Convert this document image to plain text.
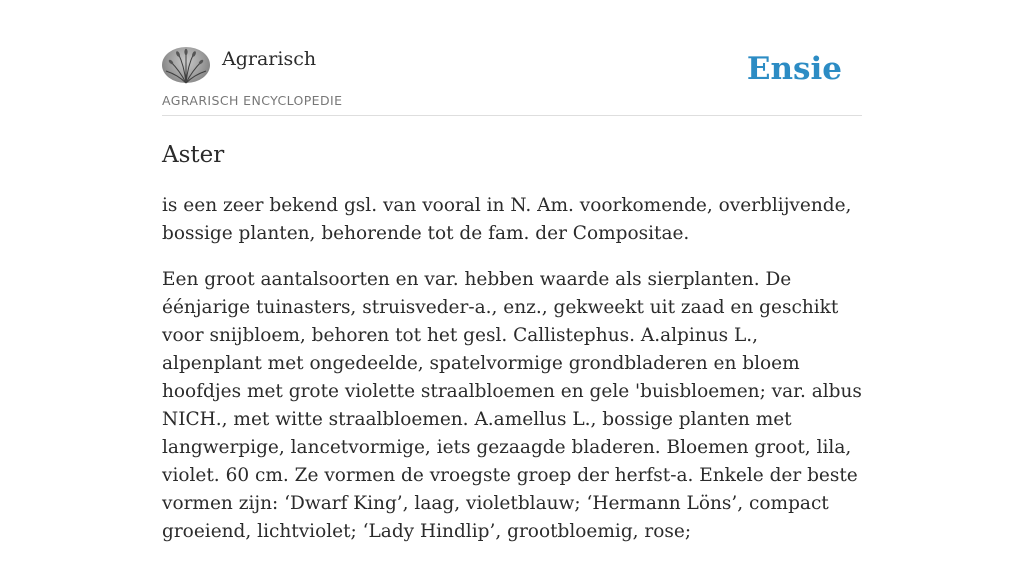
Agrarisch
AGRARISCH ENCYCLOPEDIE
Ensie
Aster

is een zeer bekend gsl. van vooral in N. Am. voorkomende, overblijvende, bossige planten, behorende tot de fam. der Compositae.

Een groot aantalsoorten en var. hebben waarde als sierplanten. De éénjarige tuinasters, struisveder-a., enz., gekweekt uit zaad en geschikt voor snijbloem, behoren tot het gesl. Callistephus. A.alpinus L., alpenplant met ongedeelde, spatelvormige grondbladeren en bloem hoofdjes met grote violette straalbloemen en gele 'buisbloemen; var. albus NICH., met witte straalbloemen. A.amellus L., bossige planten met langwerpige, lancetvormige, iets gezaagde bladeren. Bloemen groot, lila, violet. 60 cm. Ze vormen de vroegste groep der herfst-a. Enkele der beste vormen zijn: ‘Dwarf King’, laag, violetblauw; ‘Hermann Löns’, compact groeiend, lichtviolet; ‘Lady Hindlip’, grootbloemig, rose;
